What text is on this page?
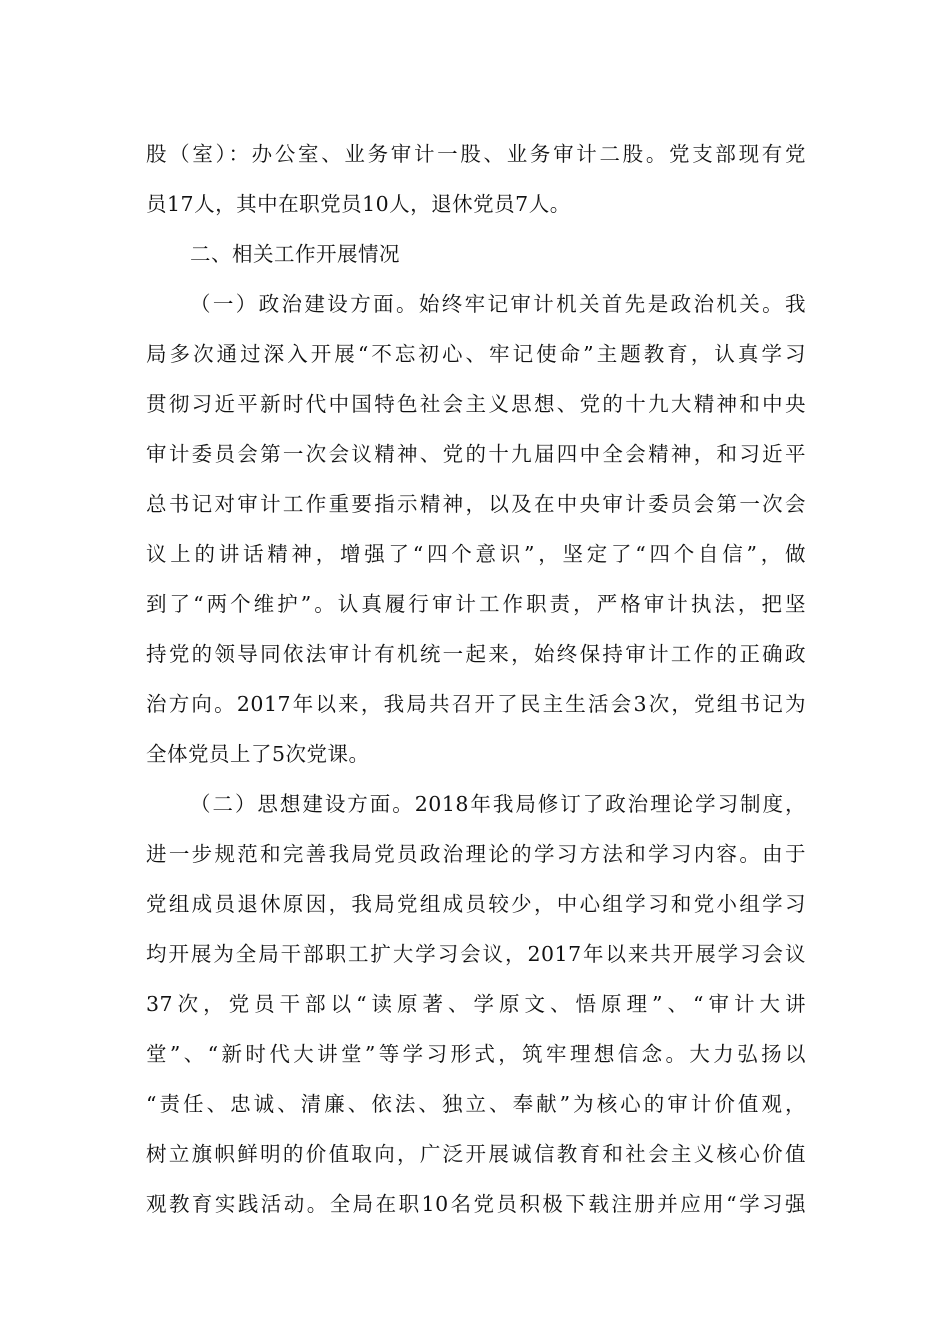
股（室）：办公室、业务审计一股、业务审计二股。党支部现有党
员17人，其中在职党员10人，退休党员7人。
二、相关工作开展情况
（一）政治建设方面。始终牢记审计机关首先是政治机关。我
局多次通过深入开展“不忘初心、牢记使命”主题教育，认真学习
贯彻习近平新时代中国特色社会主义思想、党的十九大精神和中央
审计委员会第一次会议精神、党的十九届四中全会精神，和习近平
总书记对审计工作重要指示精神，以及在中央审计委员会第一次会
议上的讲话精神，增强了“四个意识”，坚定了“四个自信”，做
到了“两个维护”。认真履行审计工作职责，严格审计执法，把坚
持党的领导同依法审计有机统一起来，始终保持审计工作的正确政
治方向。2017年以来，我局共召开了民主生活会3次，党组书记为
全体党员上了5次党课。
（二）思想建设方面。2018年我局修订了政治理论学习制度，
进一步规范和完善我局党员政治理论的学习方法和学习内容。由于
党组成员退休原因，我局党组成员较少，中心组学习和党小组学习
均开展为全局干部职工扩大学习会议，2017年以来共开展学习会议
37次，党员干部以“读原著、学原文、悟原理”、“审计大讲
堂”、“新时代大讲堂”等学习形式，筑牢理想信念。大力弘扬以
“责任、忠诚、清廉、依法、独立、奉献”为核心的审计价值观，
树立旗帜鲜明的价值取向，广泛开展诚信教育和社会主义核心价值
观教育实践活动。全局在职10名党员积极下载注册并应用“学习强
